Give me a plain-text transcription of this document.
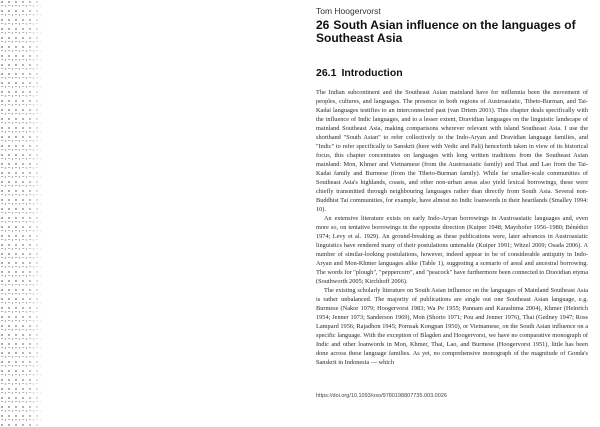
Tom Hoogervorst
26 South Asian influence on the languages of Southeast Asia
26.1 Introduction

The Indian subcontinent and the Southeast Asian mainland have for millennia been the movement of peoples, cultures, and languages. The presence in both regions of Austroasiatic, Tibeto-Burman, and Tai-Kadai languages testifies to an interconnected past (van Driem 2001). This chapter deals specifically with the influence of Indic languages, and to a lesser extent, Dravidian languages on the linguistic landscape of mainland Southeast Asia, making comparisons wherever relevant with island Southeast Asia. I use the shorthand "South Asian" to refer collectively to the Indo-Aryan and Dravidian language families, and "Indic" to refer specifically to Sanskrit (here with Vedic and Pali) henceforth taken in view of its historical focus, this chapter concentrates on languages with long written traditions from the Southeast Asian mainland: Mon, Khmer and Vietnamese (from the Austroasiatic family) and Thai and Lao from the Tai-Kadai family and Burmese (from the Tibeto-Burman family). While far smaller-scale communities of Southeast Asia's highlands, coasts, and other non-urban areas also yield lexical borrowings, these were chiefly transmitted through neighbouring languages rather than directly from South Asia. Several non-Buddhist Tai communities, for example, have almost no Indic loanwords in their heartlands (Smalley 1994: 10).

An extensive literature exists on early Indo-Aryan borrowings in Austroasiatic languages and, even more so, on tentative borrowings in the opposite direction (Kuiper 1948; Mayrhofer 1956–1980; Bénédict 1974; Levy et al. 1929). An ground-breaking as these publications were, later advances in Austroasiatic linguistics have rendered many of their postulations untenable (Kuiper 1991; Witzel 2009; Osada 2006). A number of similar-looking postulations, however, indeed appear to be of considerable antiquity in Indo-Aryan and Mon-Khmer languages alike (Table 1), suggesting a scenario of areal and ancestral borrowing. The words for "plough", "peppercorn", and "peacock" have furthermore been connected to Dravidian etyma (Southworth 2005; Kirchhoff 2006).

The existing scholarly literature on South Asian influence on the languages of Mainland Southeast Asia is rather unbalanced. The majority of publications are single out one Southeast Asian language, e.g. Burmese (Nakor 1979; Hoogervorst 1983; Wa Pe 1955; Pannam and Karashima 2004), Khmer (Heinrich 1954; Jenner 1973; Sanderson 1969), Mon (Shorto 1971; Pou and Jenner 1976), Thai (Gedney 1947; Ross Lampard 1956; Rajadhon 1945; Pornsak Kongpan 1950), or Vietnamese, on the South Asian influence on a specific language. With the exception of Blagden and Hoogervorst, we have no comparative monograph of Indic and other loanwords in Mon, Khmer, Thai, Lao, and Burmese (Hoogervorst 1951), little has been done across these language families. As yet, no comprehensive monograph of the magnitude of Gonda's Sanskrit in Indonesia — which

https://doi.org/10.1093/oso/9780198807735.003.0026
